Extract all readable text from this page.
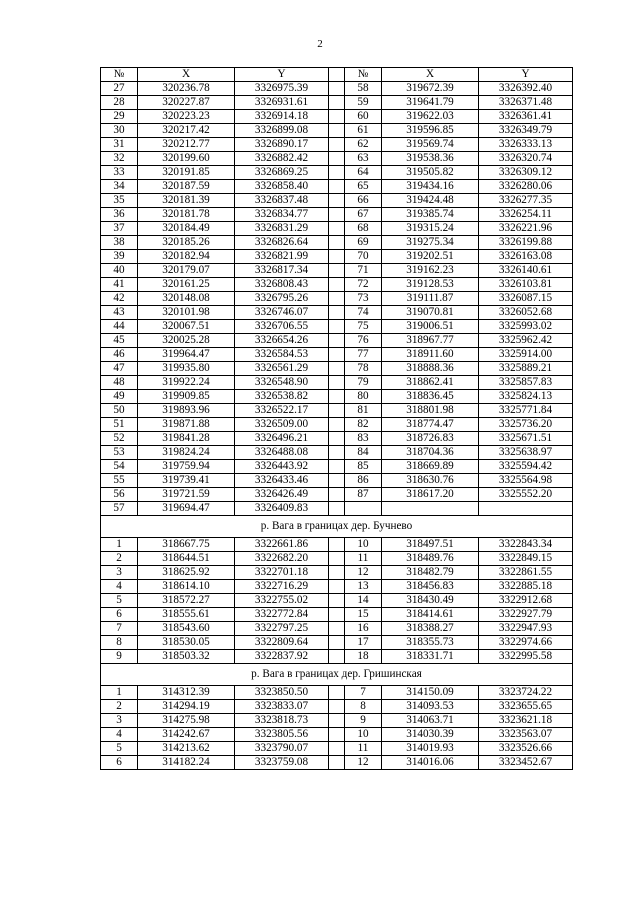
2
№	X	Y		№	X	Y
27	320236.78	3326975.39		58	319672.39	3326392.40
28	320227.87	3326931.61		59	319641.79	3326371.48
29	320223.23	3326914.18		60	319622.03	3326361.41
30	320217.42	3326899.08		61	319596.85	3326349.79
31	320212.77	3326890.17		62	319569.74	3326333.13
32	320199.60	3326882.42		63	319538.36	3326320.74
33	320191.85	3326869.25		64	319505.82	3326309.12
34	320187.59	3326858.40		65	319434.16	3326280.06
35	320181.39	3326837.48		66	319424.48	3326277.35
36	320181.78	3326834.77		67	319385.74	3326254.11
37	320184.49	3326831.29		68	319315.24	3326221.96
38	320185.26	3326826.64		69	319275.34	3326199.88
39	320182.94	3326821.99		70	319202.51	3326163.08
40	320179.07	3326817.34		71	319162.23	3326140.61
41	320161.25	3326808.43		72	319128.53	3326103.81
42	320148.08	3326795.26		73	319111.87	3326087.15
43	320101.98	3326746.07		74	319070.81	3326052.68
44	320067.51	3326706.55		75	319006.51	3325993.02
45	320025.28	3326654.26		76	318967.77	3325962.42
46	319964.47	3326584.53		77	318911.60	3325914.00
47	319935.80	3326561.29		78	318888.36	3325889.21
48	319922.24	3326548.90		79	318862.41	3325857.83
49	319909.85	3326538.82		80	318836.45	3325824.13
50	319893.96	3326522.17		81	318801.98	3325771.84
51	319871.88	3326509.00		82	318774.47	3325736.20
52	319841.28	3326496.21		83	318726.83	3325671.51
53	319824.24	3326488.08		84	318704.36	3325638.97
54	319759.94	3326443.92		85	318669.89	3325594.42
55	319739.41	3326433.46		86	318630.76	3325564.98
56	319721.59	3326426.49		87	318617.20	3325552.20
57	319694.47	3326409.83				
р. Вага в границах дер. Бучнево						
1	318667.75	3322661.86		10	318497.51	3322843.34
2	318644.51	3322682.20		11	318489.76	3322849.15
3	318625.92	3322701.18		12	318482.79	3322861.55
4	318614.10	3322716.29		13	318456.83	3322885.18
5	318572.27	3322755.02		14	318430.49	3322912.68
6	318555.61	3322772.84		15	318414.61	3322927.79
7	318543.60	3322797.25		16	318388.27	3322947.93
8	318530.05	3322809.64		17	318355.73	3322974.66
9	318503.32	3322837.92		18	318331.71	3322995.58
р. Вага в границах дер. Гришинская						
1	314312.39	3323850.50		7	314150.09	3323724.22
2	314294.19	3323833.07		8	314093.53	3323655.65
3	314275.98	3323818.73		9	314063.71	3323621.18
4	314242.67	3323805.56		10	314030.39	3323563.07
5	314213.62	3323790.07		11	314019.93	3323526.66
6	314182.24	3323759.08		12	314016.06	3323452.67
